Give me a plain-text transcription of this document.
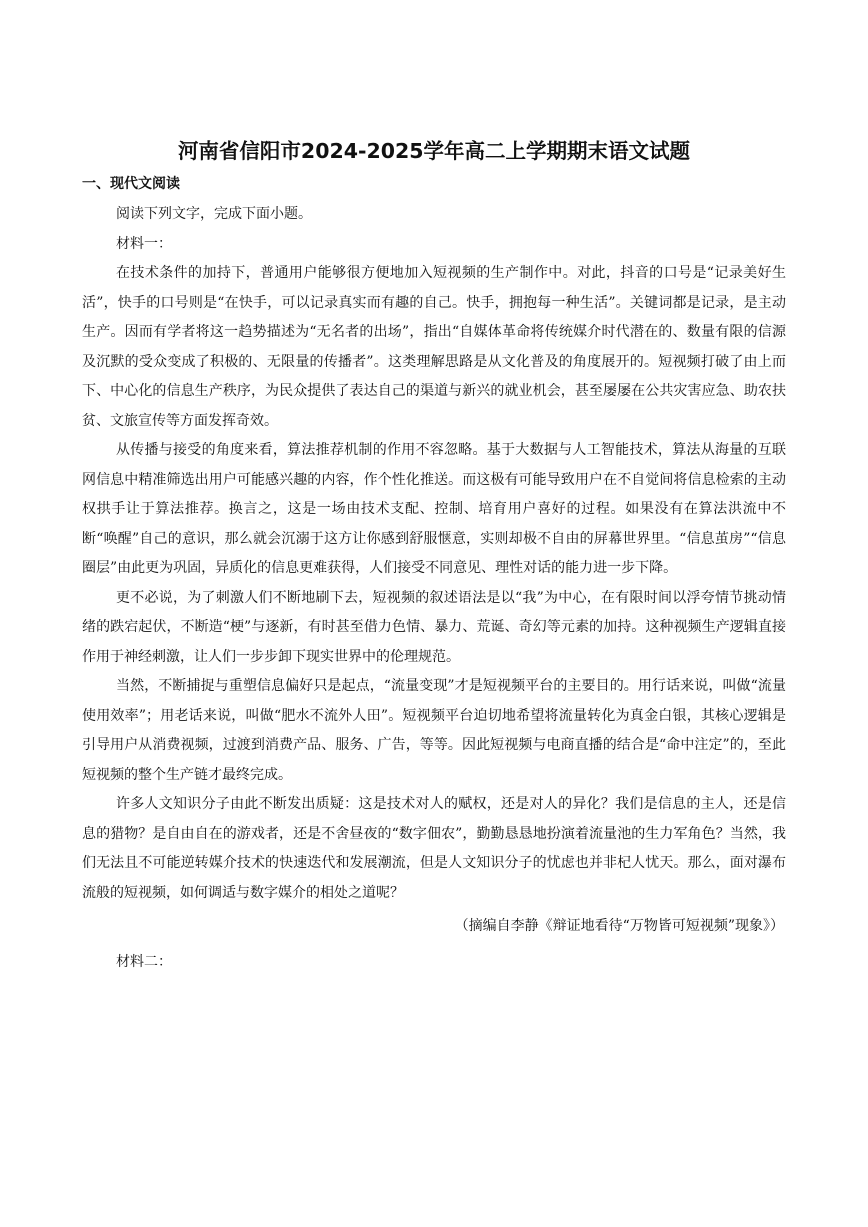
河南省信阳市2024-2025学年高二上学期期末语文试题
一、现代文阅读

阅读下列文字，完成下面小题。

材料一：

在技术条件的加持下，普通用户能够很方便地加入短视频的生产制作中。对此，抖音的口号是“记录美好生活”，快手的口号则是“在快手，可以记录真实而有趣的自己。快手，拥抱每一种生活”。关键词都是记录，是主动生产。因而有学者将这一趋势描述为“无名者的出场”，指出“自媒体革命将传统媒介时代潜在的、数量有限的信源及沉默的受众变成了积极的、无限量的传播者”。这类理解思路是从文化普及的角度展开的。短视频打破了由上而下、中心化的信息生产秩序，为民众提供了表达自己的渠道与新兴的就业机会，甚至屡屡在公共灾害应急、助农扶贫、文旅宣传等方面发挥奇效。

从传播与接受的角度来看，算法推荐机制的作用不容忽略。基于大数据与人工智能技术，算法从海量的互联网信息中精准筛选出用户可能感兴趣的内容，作个性化推送。而这极有可能导致用户在不自觉间将信息检索的主动权拱手让于算法推荐。换言之，这是一场由技术支配、控制、培育用户喜好的过程。如果没有在算法洪流中不断“唤醒”自己的意识，那么就会沉溺于这方让你感到舒服惬意，实则却极不自由的屏幕世界里。“信息茧房”“信息圈层”由此更为巩固，异质化的信息更难获得，人们接受不同意见、理性对话的能力进一步下降。

更不必说，为了刺激人们不断地刷下去，短视频的叙述语法是以“我”为中心，在有限时间以浮夸情节挑动情绪的跌宕起伏，不断造“梗”与逐新，有时甚至借力色情、暴力、荒诞、奇幻等元素的加持。这种视频生产逻辑直接作用于神经刺激，让人们一步步卸下现实世界中的伦理规范。

当然，不断捕捉与重塑信息偏好只是起点，“流量变现”才是短视频平台的主要目的。用行话来说，叫做“流量使用效率”；用老话来说，叫做“肥水不流外人田”。短视频平台迫切地希望将流量转化为真金白银，其核心逻辑是引导用户从消费视频，过渡到消费产品、服务、广告，等等。因此短视频与电商直播的结合是“命中注定”的，至此短视频的整个生产链才最终完成。

许多人文知识分子由此不断发出质疑：这是技术对人的赋权，还是对人的异化？我们是信息的主人，还是信息的猎物？是自由自在的游戏者，还是不舍昼夜的“数字佃农”，勤勤恳恳地扮演着流量池的生力军角色？当然，我们无法且不可能逆转媒介技术的快速迭代和发展潮流，但是人文知识分子的忧虑也并非杞人忧天。那么，面对瀑布流般的短视频，如何调适与数字媒介的相处之道呢？

（摘编自李静《辩证地看待“万物皆可短视频”现象》）

材料二：
